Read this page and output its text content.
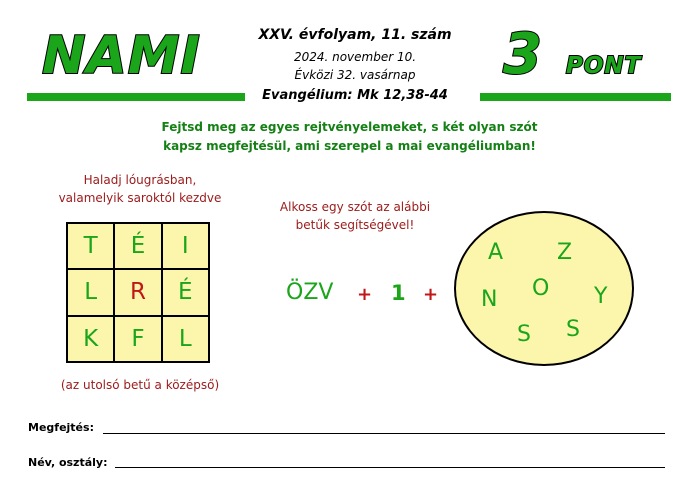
NAMI	XXV. évfolyam, 11. szám
2024. november 10.
Évközi 32. vasárnap
Evangélium: Mk 12,38-44
3 PONT
Fejtsd meg az egyes rejtvényelemeket, s két olyan szót
kapsz megfejtésül, ami szerepel a mai evangéliumban!
Haladj lóugrásban,
valamelyik saroktól kezdve
T	É	I
L	R	É
K	F	L
(az utolsó betű a középső)
Alkoss egy szót az alábbi
betűk segítségével!
ÖZV + 1 +
A Z
N O Y
S S
Megfejtés:
Név, osztály:
